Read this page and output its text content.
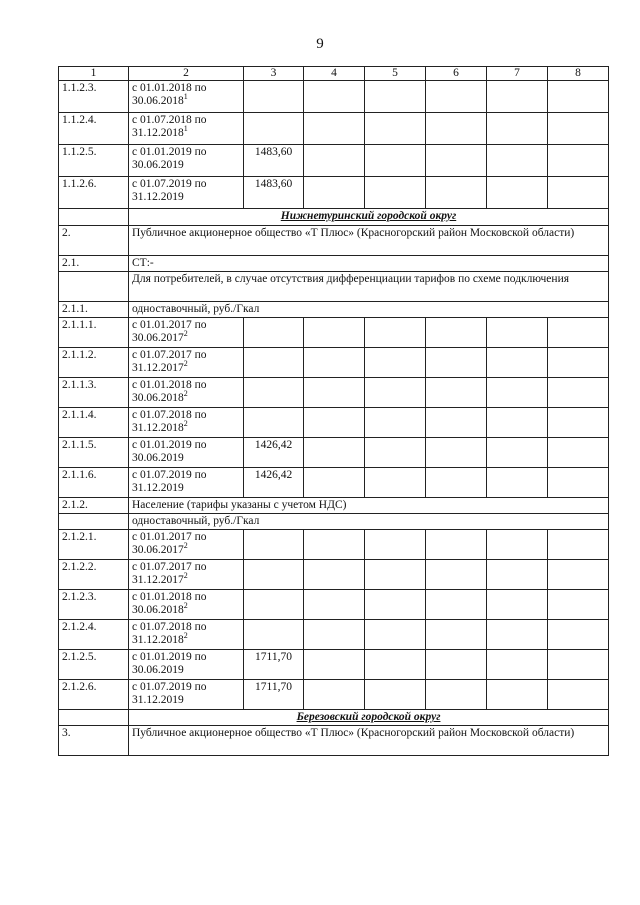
9
1	2	3	4	5	6	7	8
1.1.2.3.	с 01.01.2018 по
30.06.2018$^1$

1.1.2.4.	с 01.07.2018 по
31.12.2018$^1$

1.1.2.5.	с 01.01.2019 по
30.06.2019	1483,60					
1.1.2.6.	с 01.07.2019 по
31.12.2019	1483,60					
	Нижнетуринский городской округ						
2.	Публичное акционерное общество «Т Плюс» (Красногорский район Московской области)						
2.1.	СТ:-						
	Для потребителей, в случае отсутствия дифференциации тарифов по схеме подключения						
2.1.1.	одноставочный, руб./Гкал						
2.1.1.1.	с 01.01.2017 по
30.06.2017$^2$

2.1.1.2.	с 01.07.2017 по
31.12.2017$^2$

2.1.1.3.	с 01.01.2018 по
30.06.2018$^2$

2.1.1.4.	с 01.07.2018 по
31.12.2018$^2$

2.1.1.5.	с 01.01.2019 по
30.06.2019	1426,42					
2.1.1.6.	с 01.07.2019 по
31.12.2019	1426,42					
2.1.2.	Население (тарифы указаны с учетом НДС)						
	одноставочный, руб./Гкал						
2.1.2.1.	с 01.01.2017 по
30.06.2017$^2$

2.1.2.2.	с 01.07.2017 по
31.12.2017$^2$

2.1.2.3.	с 01.01.2018 по
30.06.2018$^2$

2.1.2.4.	с 01.07.2018 по
31.12.2018$^2$

2.1.2.5.	с 01.01.2019 по
30.06.2019	1711,70					
2.1.2.6.	с 01.07.2019 по
31.12.2019	1711,70					
	Березовский городской округ						
3.	Публичное акционерное общество «Т Плюс» (Красногорский район Московской области)						
